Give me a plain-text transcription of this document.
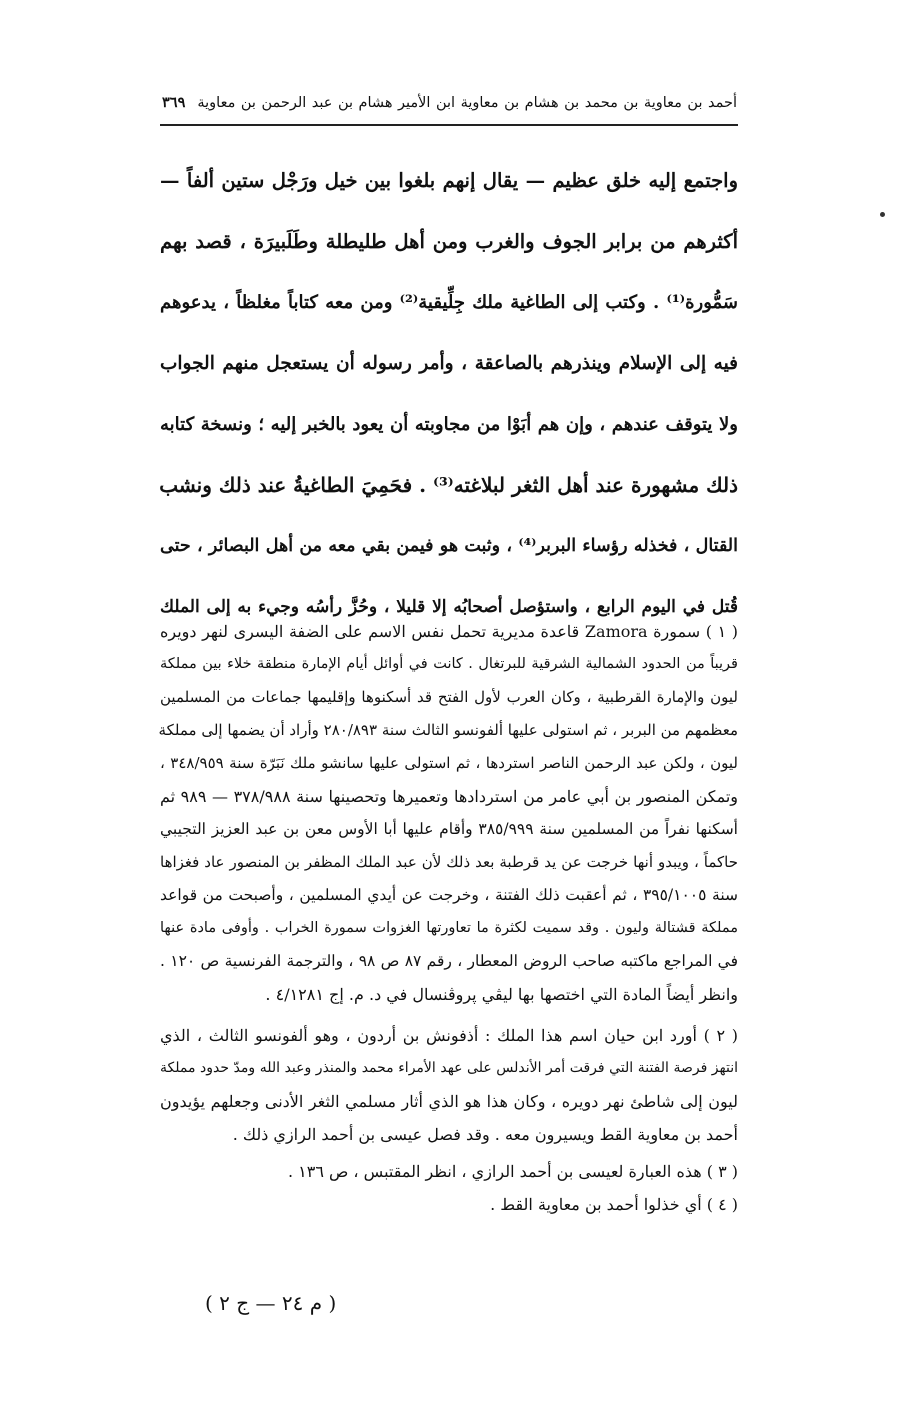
أحمد بن معاوية بن محمد بن هشام بن معاوية ابن الأمير هشام بن عبد الرحمن بن معاوية٣٦٩
واجتمع إليه خلق عظيم — يقال إنهم بلغوا بين خيل ورَجْل ستين ألفاً —
أكثرهم من برابر الجوف والغرب ومن أهل طليطلة وطَلَبيرَة ، قصد بهم
سَمُّورة⁽¹⁾ . وكتب إلى الطاغية ملك جِلِّيقية⁽²⁾ ومن معه كتاباً مغلظاً ، يدعوهم
فيه إلى الإسلام وينذرهم بالصاعقة ، وأمر رسوله أن يستعجل منهم الجواب
ولا يتوقف عندهم ، وإن هم أبَوْا من مجاوبته أن يعود بالخبر إليه ؛ ونسخة كتابه
ذلك مشهورة عند أهل الثغر لبلاغته⁽³⁾ . فحَمِيَ الطاغيةُ عند ذلك ونشب
القتال ، فخذله رؤساء البربر⁽⁴⁾ ، وثبت هو فيمن بقي معه من أهل البصائر ، حتى
قُتل في اليوم الرابع ، واستؤصل أصحابُه إلا قليلا ، وحُزَّ رأسُه وجيء به إلى الملك
( ١ ) سمورة Zamora قاعدة مديرية تحمل نفس الاسم على الضفة اليسرى لنهر دويره
قريباً من الحدود الشمالية الشرقية للبرتغال . كانت في أوائل أيام الإمارة منطقة خلاء بين مملكة
ليون والإمارة القرطبية ، وكان العرب لأول الفتح قد أسكنوها وإقليمها جماعات من المسلمين
معظمهم من البربر ، ثم استولى عليها ألفونسو الثالث سنة ٢٨٠/٨٩٣ وأراد أن يضمها إلى مملكة
ليون ، ولكن عبد الرحمن الناصر استردها ، ثم استولى عليها سانشو ملك نَبَرّة سنة ٣٤٨/٩٥٩ ،
وتمكن المنصور بن أبي عامر من استردادها وتعميرها وتحصينها سنة ٣٧٨/٩٨٨ — ٩٨٩ ثم
أسكنها نفراً من المسلمين سنة ٣٨٥/٩٩٩ وأقام عليها أبا الأوس معن بن عبد العزيز التجيبي
حاكماً ، ويبدو أنها خرجت عن يد قرطبة بعد ذلك لأن عبد الملك المظفر بن المنصور عاد فغزاها
سنة ٣٩٥/١٠٠٥ ، ثم أعقبت ذلك الفتنة ، وخرجت عن أيدي المسلمين ، وأصبحت من قواعد
مملكة قشتالة وليون . وقد سميت لكثرة ما تعاورتها الغزوات سمورة الخراب . وأوفى مادة عنها
في المراجع ماكتبه صاحب الروض المعطار ، رقم ٨٧ ص ٩٨ ، والترجمة الفرنسية ص ١٢٠ .
وانظر أيضاً المادة التي اختصها بها ليڤي پروڤنسال في د. م. إج ٤/١٢٨١ .
( ٢ ) أورد ابن حيان اسم هذا الملك : أذفونش بن أردون ، وهو ألفونسو الثالث ، الذي
انتهز فرصة الفتنة التي فرقت أمر الأندلس على عهد الأمراء محمد والمنذر وعبد الله ومدّ حدود مملكة
ليون إلى شاطئ نهر دويره ، وكان هذا هو الذي أثار مسلمي الثغر الأدنى وجعلهم يؤيدون
أحمد بن معاوية القط ويسيرون معه . وقد فصل عيسى بن أحمد الرازي ذلك .
( ٣ ) هذه العبارة لعيسى بن أحمد الرازي ، انظر المقتبس ، ص ١٣٦ .
( ٤ ) أي خذلوا أحمد بن معاوية القط .
( م ٢٤ — ج ٢ )
